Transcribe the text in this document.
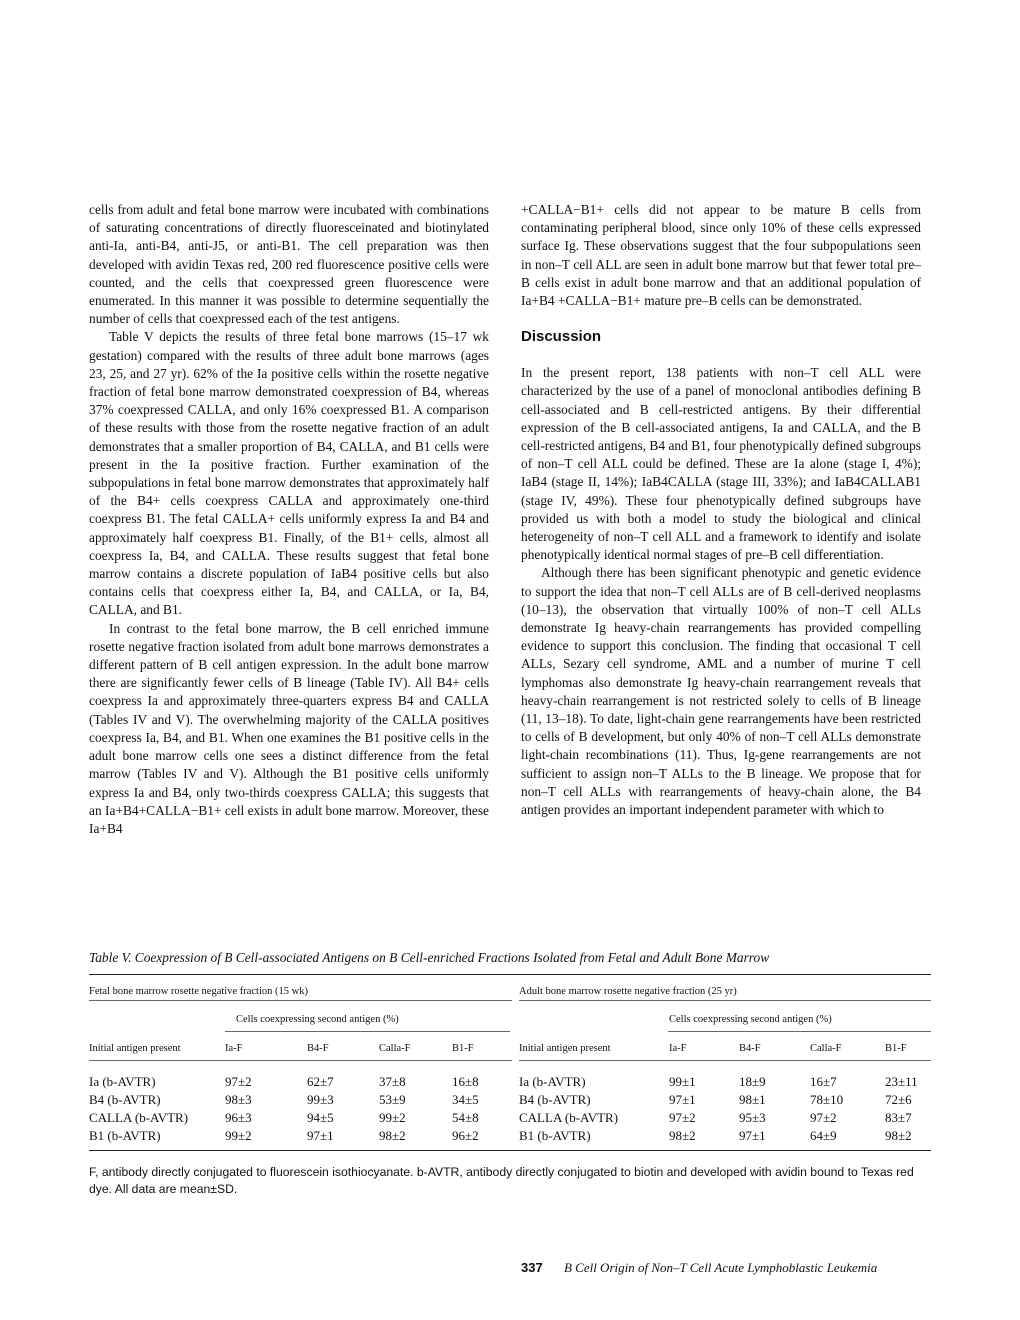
cells from adult and fetal bone marrow were incubated with combinations of saturating concentrations of directly fluoresceinated and biotinylated anti-Ia, anti-B4, anti-J5, or anti-B1. The cell preparation was then developed with avidin Texas red, 200 red fluorescence positive cells were counted, and the cells that coexpressed green fluorescence were enumerated. In this manner it was possible to determine sequentially the number of cells that coexpressed each of the test antigens.

Table V depicts the results of three fetal bone marrows (15–17 wk gestation) compared with the results of three adult bone marrows (ages 23, 25, and 27 yr). 62% of the Ia positive cells within the rosette negative fraction of fetal bone marrow demonstrated coexpression of B4, whereas 37% coexpressed CALLA, and only 16% coexpressed B1. A comparison of these results with those from the rosette negative fraction of an adult demonstrates that a smaller proportion of B4, CALLA, and B1 cells were present in the Ia positive fraction. Further examination of the subpopulations in fetal bone marrow demonstrates that approximately half of the B4+ cells coexpress CALLA and approximately one-third coexpress B1. The fetal CALLA+ cells uniformly express Ia and B4 and approximately half coexpress B1. Finally, of the B1+ cells, almost all coexpress Ia, B4, and CALLA. These results suggest that fetal bone marrow contains a discrete population of IaB4 positive cells but also contains cells that coexpress either Ia, B4, and CALLA, or Ia, B4, CALLA, and B1.

In contrast to the fetal bone marrow, the B cell enriched immune rosette negative fraction isolated from adult bone marrows demonstrates a different pattern of B cell antigen expression. In the adult bone marrow there are significantly fewer cells of B lineage (Table IV). All B4+ cells coexpress Ia and approximately three-quarters express B4 and CALLA (Tables IV and V). The overwhelming majority of the CALLA positives coexpress Ia, B4, and B1. When one examines the B1 positive cells in the adult bone marrow cells one sees a distinct difference from the fetal marrow (Tables IV and V). Although the B1 positive cells uniformly express Ia and B4, only two-thirds coexpress CALLA; this suggests that an Ia+B4+CALLA−B1+ cell exists in adult bone marrow. Moreover, these Ia+B4

+CALLA−B1+ cells did not appear to be mature B cells from contaminating peripheral blood, since only 10% of these cells expressed surface Ig. These observations suggest that the four subpopulations seen in non–T cell ALL are seen in adult bone marrow but that fewer total pre–B cells exist in adult bone marrow and that an additional population of Ia+B4 +CALLA−B1+ mature pre–B cells can be demonstrated.

Discussion

In the present report, 138 patients with non–T cell ALL were characterized by the use of a panel of monoclonal antibodies defining B cell-associated and B cell-restricted antigens. By their differential expression of the B cell-associated antigens, Ia and CALLA, and the B cell-restricted antigens, B4 and B1, four phenotypically defined subgroups of non–T cell ALL could be defined. These are Ia alone (stage I, 4%); IaB4 (stage II, 14%); IaB4CALLA (stage III, 33%); and IaB4CALLAB1 (stage IV, 49%). These four phenotypically defined subgroups have provided us with both a model to study the biological and clinical heterogeneity of non–T cell ALL and a framework to identify and isolate phenotypically identical normal stages of pre–B cell differentiation.

Although there has been significant phenotypic and genetic evidence to support the idea that non–T cell ALLs are of B cell-derived neoplasms (10–13), the observation that virtually 100% of non–T cell ALLs demonstrate Ig heavy-chain rearrangements has provided compelling evidence to support this conclusion. The finding that occasional T cell ALLs, Sezary cell syndrome, AML and a number of murine T cell lymphomas also demonstrate Ig heavy-chain rearrangement reveals that heavy-chain rearrangement is not restricted solely to cells of B lineage (11, 13–18). To date, light-chain gene rearrangements have been restricted to cells of B development, but only 40% of non–T cell ALLs demonstrate light-chain recombinations (11). Thus, Ig-gene rearrangements are not sufficient to assign non–T ALLs to the B lineage. We propose that for non–T cell ALLs with rearrangements of heavy-chain alone, the B4 antigen provides an important independent parameter with which to

Table V. Coexpression of B Cell-associated Antigens on B Cell-enriched Fractions Isolated from Fetal and Adult Bone Marrow
Fetal bone marrow rosette negative fraction (15 wk)
Cells coexpressing second antigen (%)
Initial antigen present	Ia-F	B4-F	Calla-F	B1-F
Ia (b-AVTR)	97±2	62±7	37±8	16±8
B4 (b-AVTR)	98±3	99±3	53±9	34±5
CALLA (b-AVTR)	96±3	94±5	99±2	54±8
B1 (b-AVTR)	99±2	97±1	98±2	96±2
Adult bone marrow rosette negative fraction (25 yr)
Cells coexpressing second antigen (%)
Initial antigen present	Ia-F	B4-F	Calla-F	B1-F
Ia (b-AVTR)	99±1	18±9	16±7	23±11
B4 (b-AVTR)	97±1	98±1	78±10	72±6
CALLA (b-AVTR)	97±2	95±3	97±2	83±7
B1 (b-AVTR)	98±2	97±1	64±9	98±2
F, antibody directly conjugated to fluorescein isothiocyanate. b-AVTR, antibody directly conjugated to biotin and developed with avidin bound to Texas red dye. All data are mean±SD.
337 B Cell Origin of Non–T Cell Acute Lymphoblastic Leukemia
